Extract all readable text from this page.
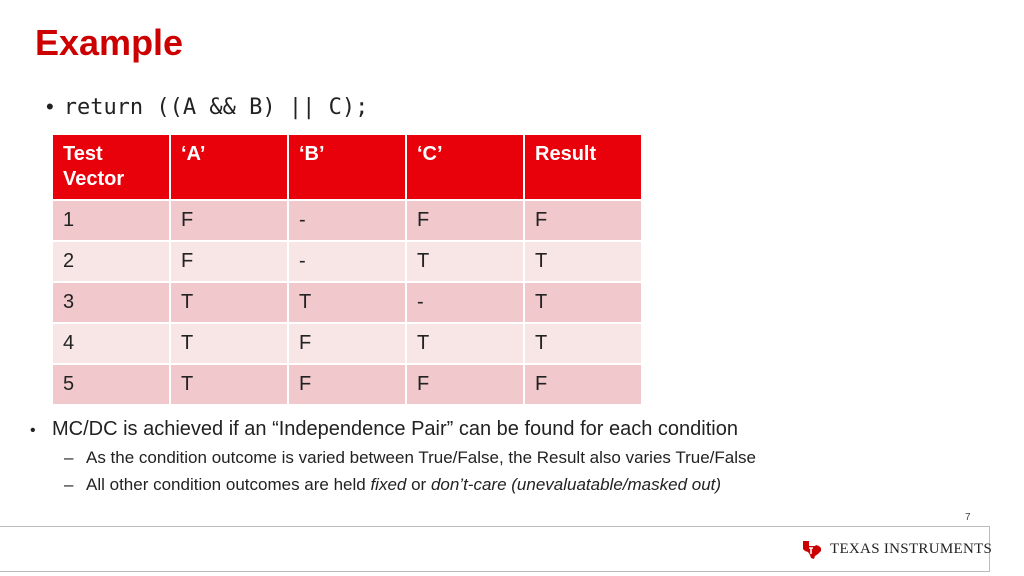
Example
• return ((A && B) || C);
Test Vector	‘A’	‘B’	‘C’	Result
1	F	-	F	F
2	F	-	T	T
3	T	T	-	T
4	T	F	T	T
5	T	F	F	F
• MC/DC is achieved if an “Independence Pair” can be found for each condition
– As the condition outcome is varied between True/False, the Result also varies True/False
– All other condition outcomes are held fixed or don’t-care (unevaluatable/masked out)
7
TEXAS INSTRUMENTS
